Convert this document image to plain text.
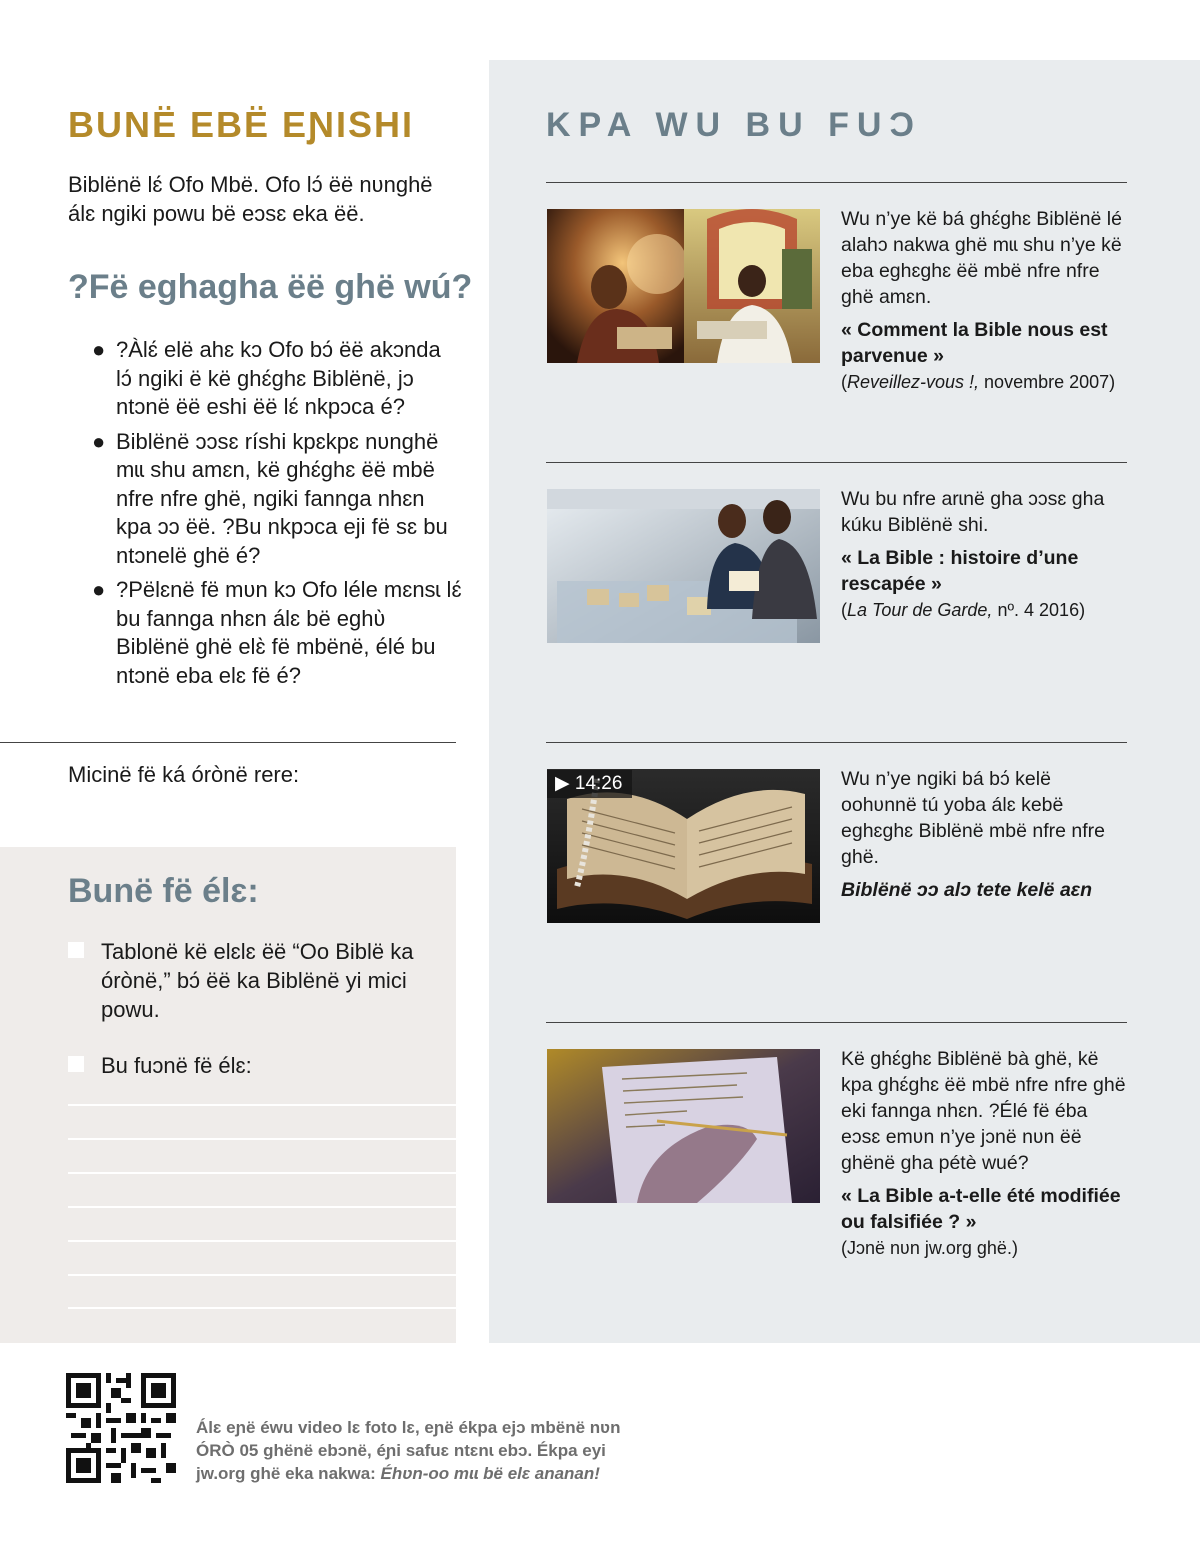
BUNË EBË EƝISHI

Biblënë lɛ́ Ofo Mbë. Ofo lɔ́ ëë nʋnghë álɛ ngiki powu bë eɔsɛ eka ëë.

?Fë eghagha ëë ghë wú?
● ?Àlɛ́ elë ahɛ kɔ Ofo bɔ́ ëë akɔnda lɔ́ ngiki ë kë ghɛ́ghɛ Biblënë, jɔ ntɔnë ëë eshi ëë lɛ́ nkpɔca é?
● Biblënë ɔɔsɛ ríshi kpɛkpɛ nʋnghë mɩɩ shu amɛn, kë ghɛ́ghɛ ëë mbë nfre nfre ghë, ngiki fannga nhɛn kpa ɔɔ ëë. ?Bu nkpɔca eji fë sɛ bu ntɔnelë ghë é?
● ?Pëlɛnë fë mʋn kɔ Ofo léle mɛnsɩ lɛ́ bu fannga nhɛn álɛ bë eghʋ̀ Biblënë ghë elɛ̀ fë mbënë, élé bu ntɔnë eba elɛ fë é?
Micinë fë ká órònë rere:
Bunë fë élɛ:
Tablonë kë elɛlɛ ëë “Oo Biblë ka órònë,” bɔ́ ëë ka Biblënë yi mici powu.
Bu fuɔnë fë élɛ:
KPA WU BU FUƆ
Wu n’ye kë bá ghɛ́ghɛ Biblënë lé alahɔ nakwa ghë mɩɩ shu n’ye kë eba eghɛghɛ ëë mbë nfre nfre ghë amɛn.
« Comment la Bible nous est parvenue »
(Reveillez-vous !, novembre 2007)
Wu bu nfre arɩnë gha ɔɔsɛ gha kúku Biblënë shi.
« La Bible : histoire d’une rescapée »
(La Tour de Garde, nº. 4 2016)
▶ 14:26	Wu n’ye ngiki bá bɔ́ kelë oohʋnnë tú yoba álɛ kebë eghɛghɛ Biblënë mbë nfre nfre ghë.
Biblënë ɔɔ alɔ tete kelë aɛn
Kë ghɛ́ghɛ Biblënë bà ghë, kë kpa ghɛ́ghɛ ëë mbë nfre nfre ghë eki fannga nhɛn. ?Élé fë éba eɔsɛ emʋn n’ye jɔnë nʋn ëë ghënë gha pétè wué?
« La Bible a-t-elle été modifiée ou falsifiée ? »
(Jɔnë nʋn jw.org ghë.)

Álɛ eɲë éwu video lɛ foto lɛ, eɲë ékpa ejɔ mbënë nʋn ÓRÒ 05 ghënë ebɔnë, éɲi safuɛ ntɛnɩ ebɔ. Ékpa eyi jw.org ghë eka nakwa: Éhʋn-oo mɩɩ bë elɛ ananan!
